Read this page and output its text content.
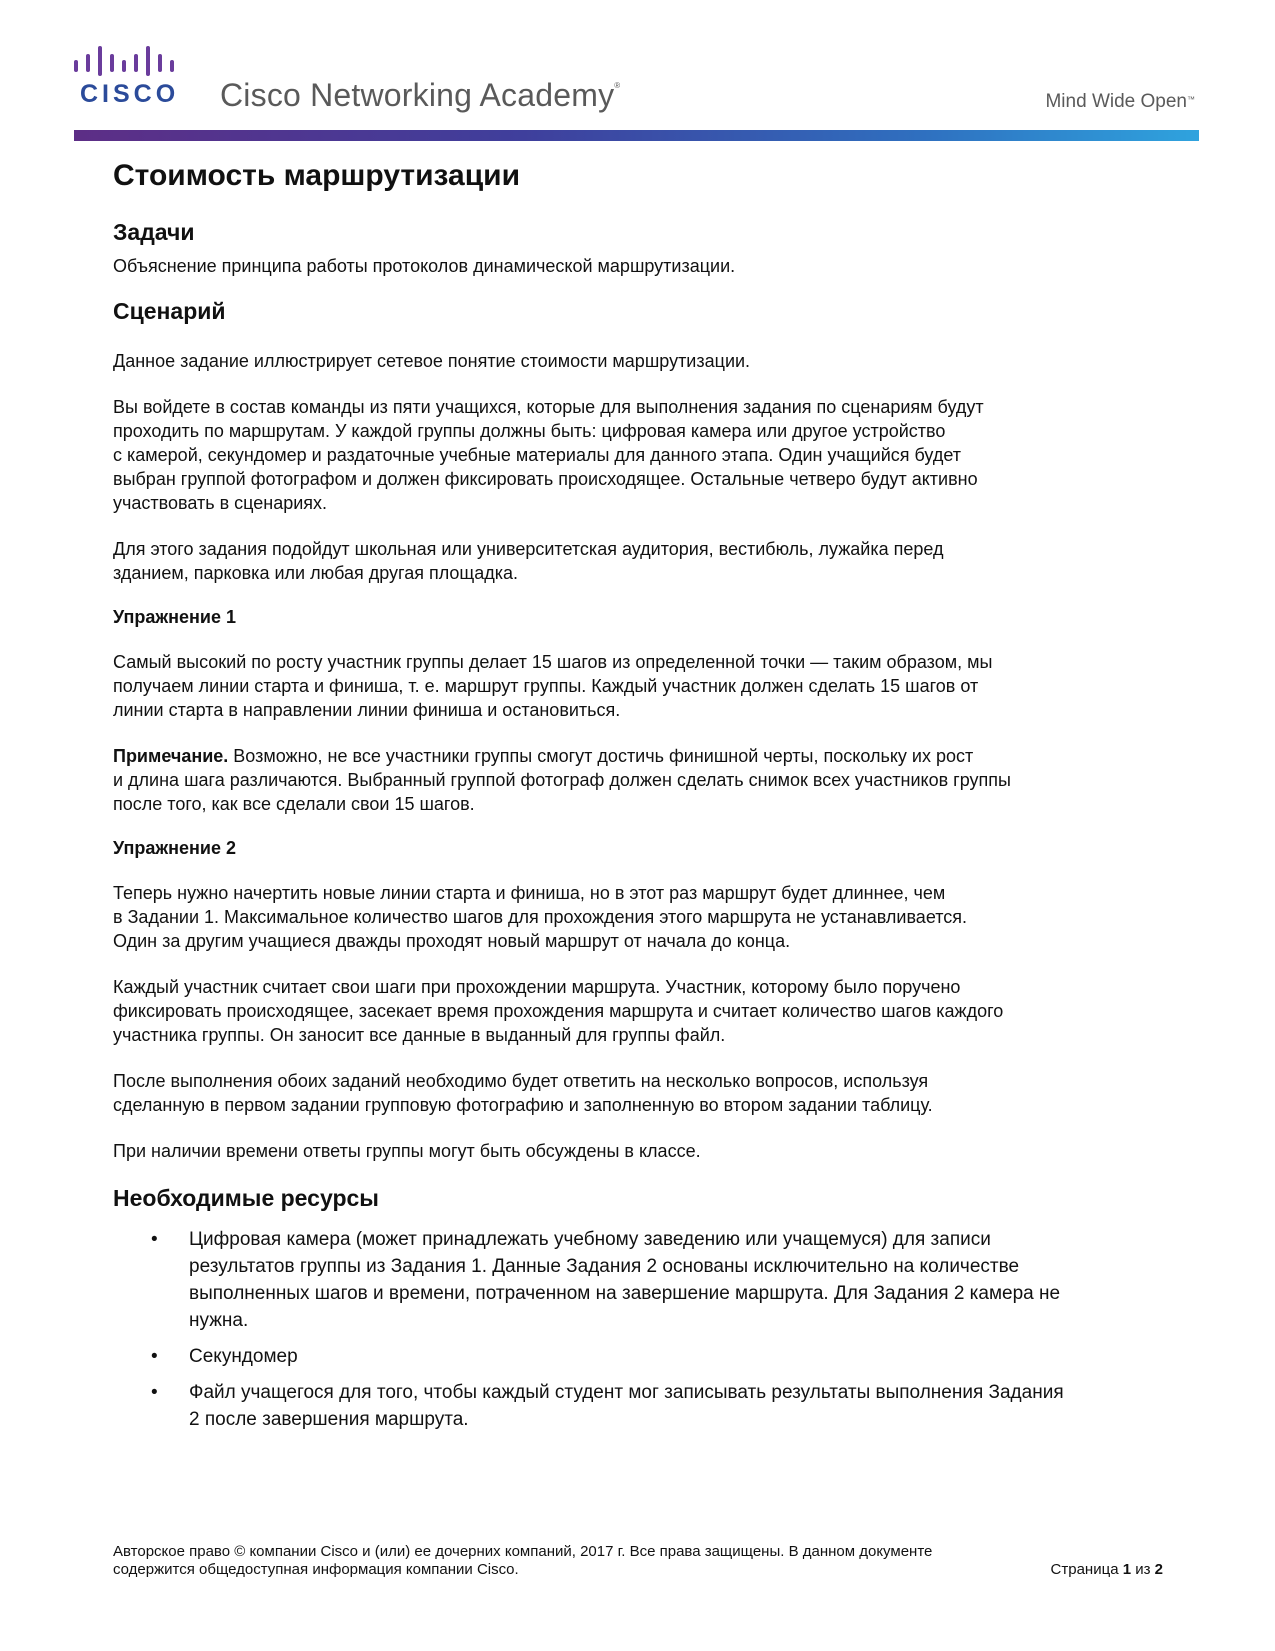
CISCO Cisco Networking Academy®
Mind Wide Open™
Стоимость маршрутизации
Задачи

Объяснение принципа работы протоколов динамической маршрутизации.

Сценарий

Данное задание иллюстрирует сетевое понятие стоимости маршрутизации.

Вы войдете в состав команды из пяти учащихся, которые для выполнения задания по сценариям будут
проходить по маршрутам. У каждой группы должны быть: цифровая камера или другое устройство
с камерой, секундомер и раздаточные учебные материалы для данного этапа. Один учащийся будет
выбран группой фотографом и должен фиксировать происходящее. Остальные четверо будут активно
участвовать в сценариях.

Для этого задания подойдут школьная или университетская аудитория, вестибюль, лужайка перед
зданием, парковка или любая другая площадка.

Упражнение 1

Самый высокий по росту участник группы делает 15 шагов из определенной точки — таким образом, мы
получаем линии старта и финиша, т. е. маршрут группы. Каждый участник должен сделать 15 шагов от
линии старта в направлении линии финиша и остановиться.

Примечание. Возможно, не все участники группы смогут достичь финишной черты, поскольку их рост
и длина шага различаются. Выбранный группой фотограф должен сделать снимок всех участников группы
после того, как все сделали свои 15 шагов.

Упражнение 2

Теперь нужно начертить новые линии старта и финиша, но в этот раз маршрут будет длиннее, чем
в Задании 1. Максимальное количество шагов для прохождения этого маршрута не устанавливается.
Один за другим учащиеся дважды проходят новый маршрут от начала до конца.

Каждый участник считает свои шаги при прохождении маршрута. Участник, которому было поручено
фиксировать происходящее, засекает время прохождения маршрута и считает количество шагов каждого
участника группы. Он заносит все данные в выданный для группы файл.

После выполнения обоих заданий необходимо будет ответить на несколько вопросов, используя
сделанную в первом задании групповую фотографию и заполненную во втором задании таблицу.

При наличии времени ответы группы могут быть обсуждены в классе.

Необходимые ресурсы
• Цифровая камера (может принадлежать учебному заведению или учащемуся) для записи
результатов группы из Задания 1. Данные Задания 2 основаны исключительно на количестве
выполненных шагов и времени, потраченном на завершение маршрута. Для Задания 2 камера не
нужна.
• Секундомер
• Файл учащегося для того, чтобы каждый студент мог записывать результаты выполнения Задания
2 после завершения маршрута.
Авторское право © компании Cisco и (или) ее дочерних компаний, 2017 г. Все права защищены. В данном документе
содержится общедоступная информация компании Cisco.	Страница 1 из 2
